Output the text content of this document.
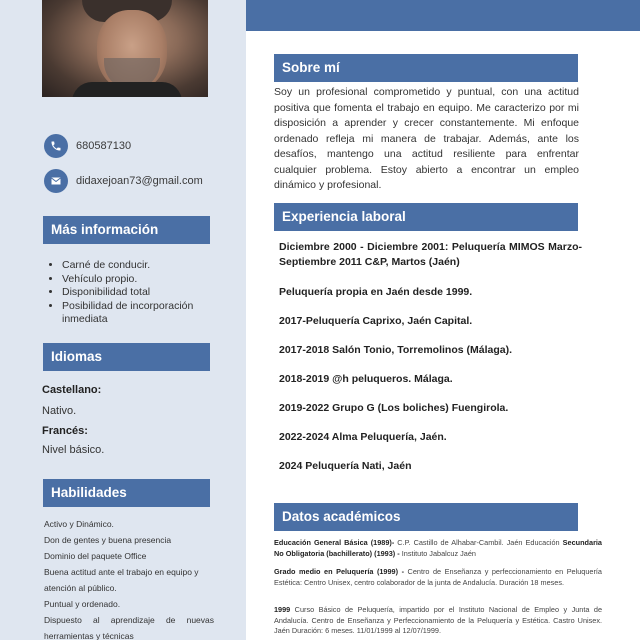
680587130
didaxejoan73@gmail.com
Más información
• Carné de conducir.
• Vehículo propio.
• Disponibilidad total
• Posibilidad de incorporación inmediata
Idiomas
Castellano:
Nativo.
Francés:
Nivel básico.
Habilidades
Activo y Dinámico.
Don de gentes y buena presencia
Dominio del paquete Office
Buena actitud ante el trabajo en equipo y
atención al público.
Puntual y ordenado.
Dispuesto al aprendizaje de nuevas
herramientas y técnicas
Sobre mí
Soy un profesional comprometido y puntual, con una actitud positiva que fomenta el trabajo en equipo. Me caracterizo por mi disposición a aprender y crecer constantemente. Mi enfoque ordenado refleja mi manera de trabajar. Además, ante los desafíos, mantengo una actitud resiliente para enfrentar cualquier problema. Estoy abierto a encontrar un empleo dinámico y profesional.
Experiencia laboral
Diciembre 2000 - Diciembre 2001: Peluquería MIMOS Marzo-Septiembre 2011 C&P, Martos (Jaén)
Peluquería propia en Jaén desde 1999.
2017-Peluquería Caprixo, Jaén Capital.
2017-2018 Salón Tonio, Torremolinos (Málaga).
2018-2019 @h peluqueros. Málaga.
2019-2022 Grupo G (Los boliches) Fuengirola.
2022-2024 Alma Peluquería, Jaén.
2024 Peluquería Nati, Jaén
Datos académicos
Educación General Básica (1989)- C.P. Castillo de Alhabar-Cambil. Jaén Educación Secundaria No Obligatoria (bachillerato) (1993) - Instituto Jabalcuz Jaén
Grado medio en Peluquería (1999) - Centro de Enseñanza y perfeccionamiento en Peluquería Estética: Centro Unisex, centro colaborador de la junta de Andalucía. Duración 18 meses.
1999 Curso Básico de Peluquería, impartido por el Instituto Nacional de Empleo y Junta de Andalucía. Centro de Enseñanza y Perfeccionamiento de la Peluquería y Estética. Castro Unisex. Jaén Duración: 6 meses. 11/01/1999 al 12/07/1999.
